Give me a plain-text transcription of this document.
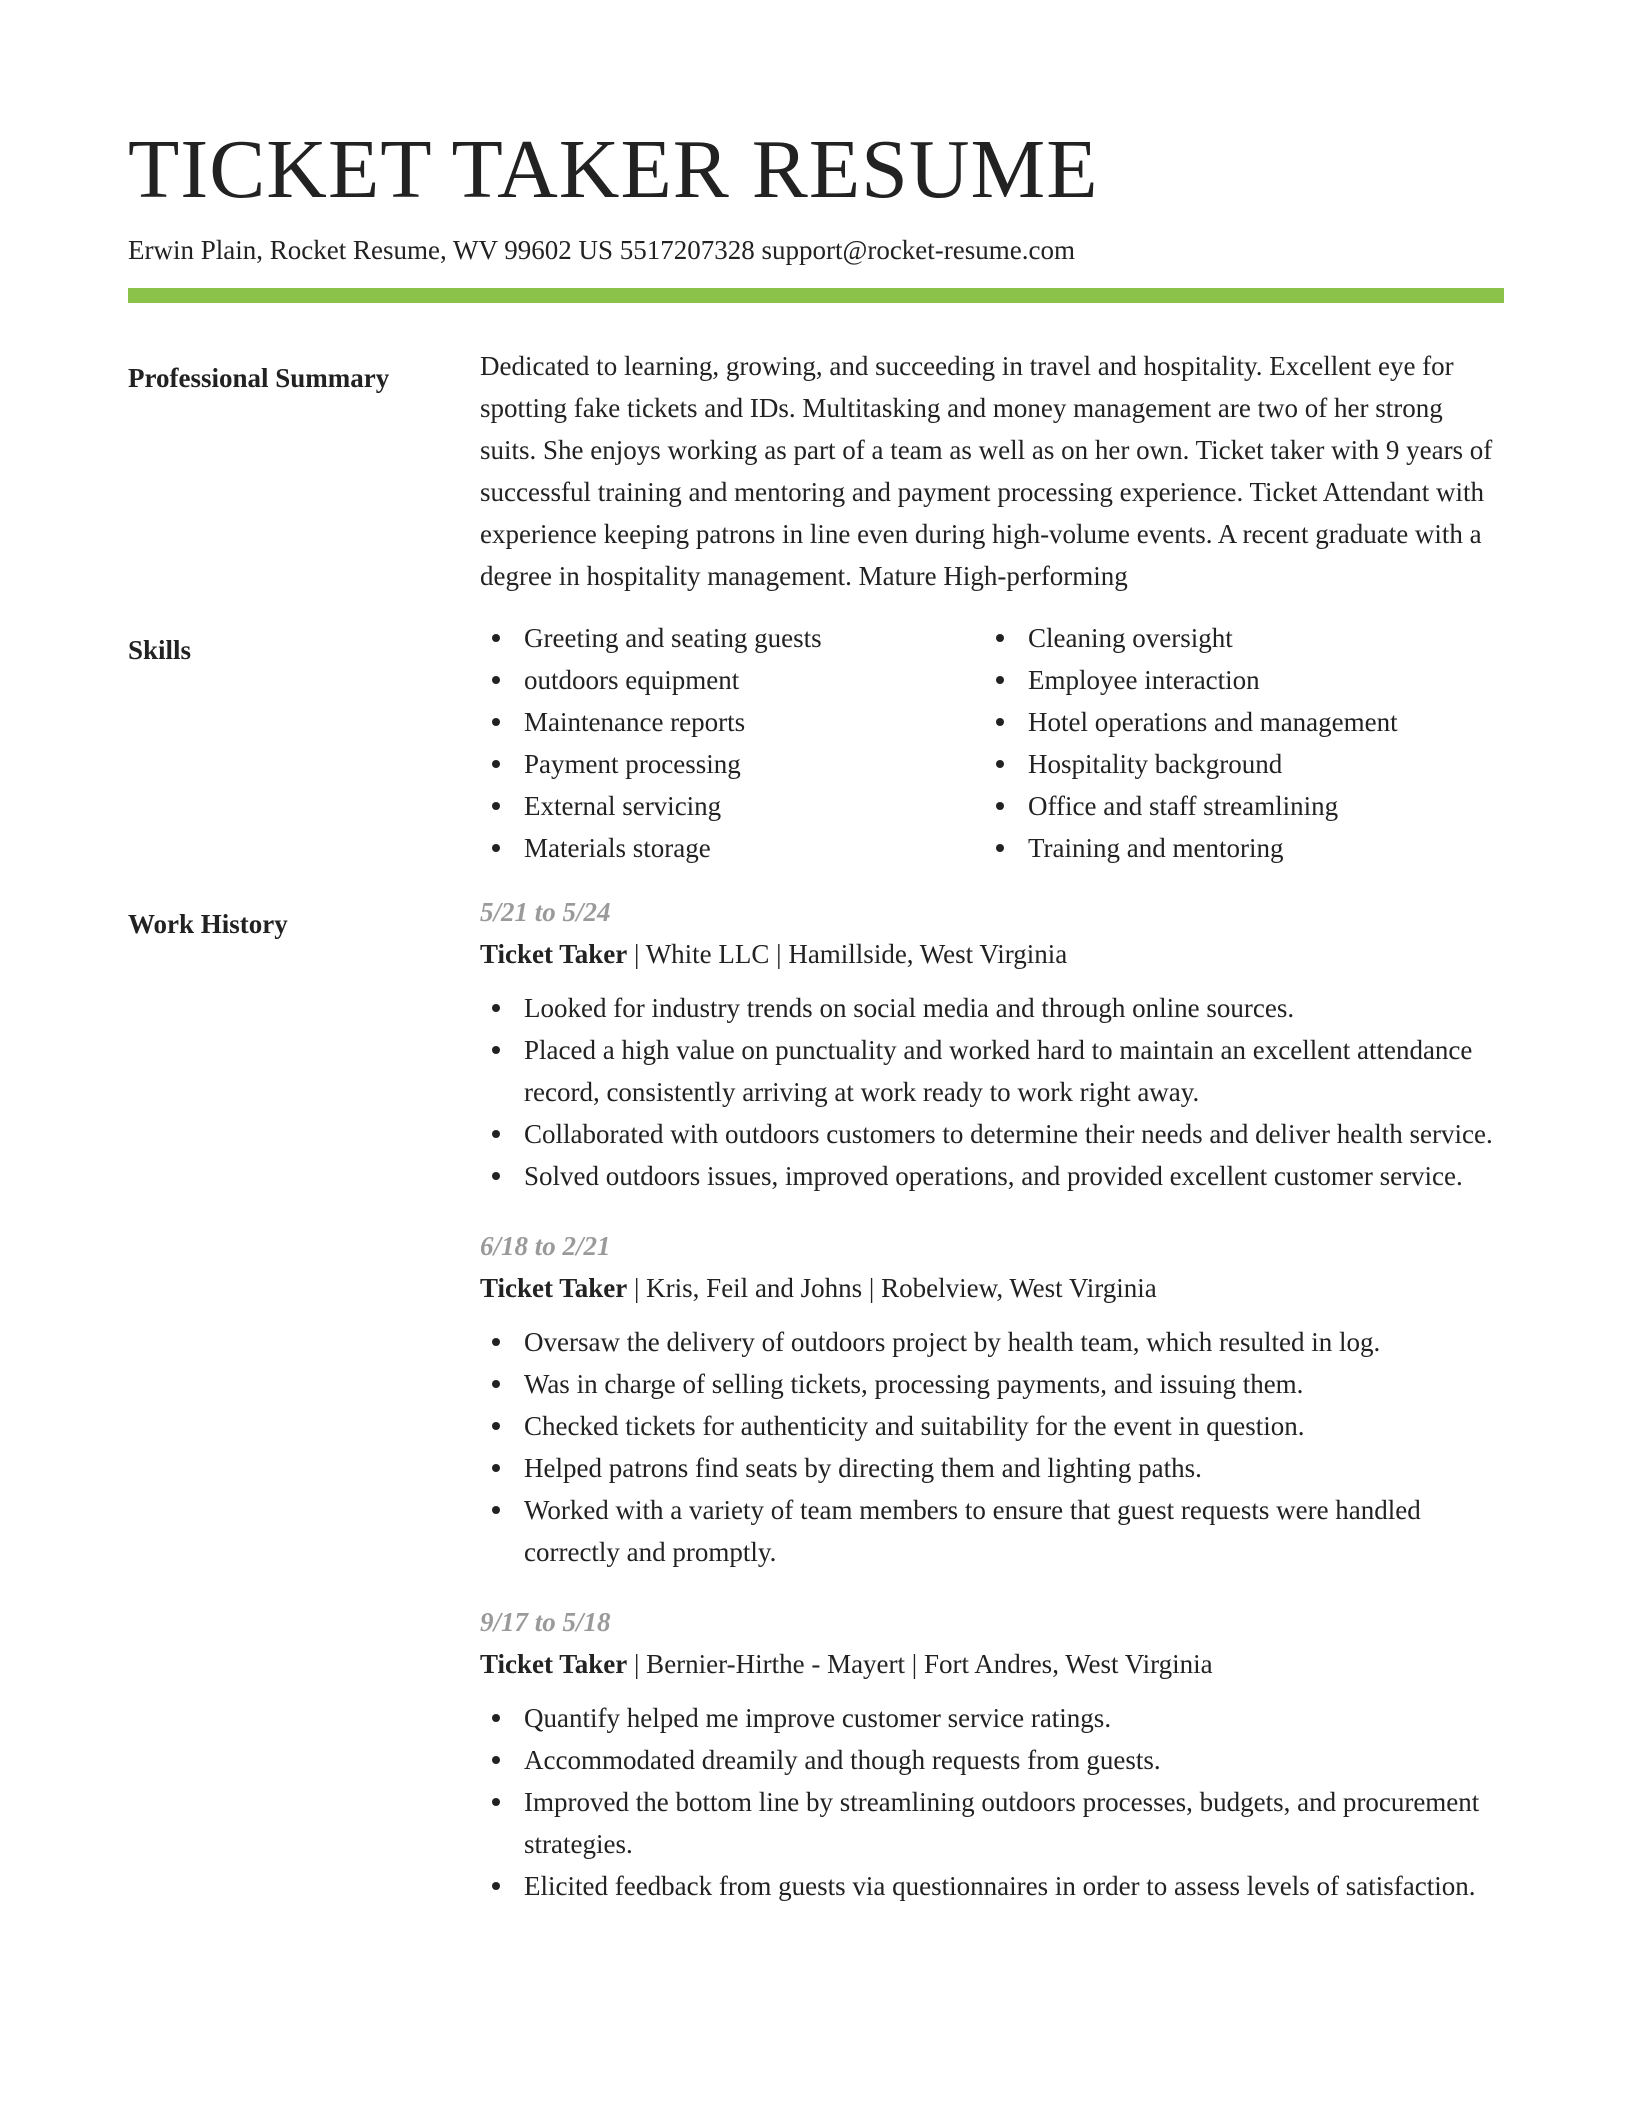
TICKET TAKER RESUME
Erwin Plain, Rocket Resume, WV 99602 US 5517207328 support@rocket-resume.com
Professional Summary	Dedicated to learning, growing, and succeeding in travel and hospitality. Excellent eye for spotting fake tickets and IDs. Multitasking and money management are two of her strong suits. She enjoys working as part of a team as well as on her own. Ticket taker with 9 years of successful training and mentoring and payment processing experience. Ticket Attendant with experience keeping patrons in line even during high-volume events. A recent graduate with a degree in hospitality management. Mature High-performing

Skills	Greeting and seating guests
outdoors equipment
Maintenance reports
Payment processing
External servicing
Materials storage
Cleaning oversight
Employee interaction
Hotel operations and management
Hospitality background
Office and staff streamlining
Training and mentoring
Work History	5/21 to 5/24
Ticket Taker | White LLC | Hamillside, West Virginia
Looked for industry trends on social media and through online sources.
Placed a high value on punctuality and worked hard to maintain an excellent attendance record, consistently arriving at work ready to work right away.
Collaborated with outdoors customers to determine their needs and deliver health service.
Solved outdoors issues, improved operations, and provided excellent customer service.
6/18 to 2/21
Ticket Taker | Kris, Feil and Johns | Robelview, West Virginia
Oversaw the delivery of outdoors project by health team, which resulted in log.
Was in charge of selling tickets, processing payments, and issuing them.
Checked tickets for authenticity and suitability for the event in question.
Helped patrons find seats by directing them and lighting paths.
Worked with a variety of team members to ensure that guest requests were handled correctly and promptly.
9/17 to 5/18
Ticket Taker | Bernier-Hirthe - Mayert | Fort Andres, West Virginia
Quantify helped me improve customer service ratings.
Accommodated dreamily and though requests from guests.
Improved the bottom line by streamlining outdoors processes, budgets, and procurement strategies.
Elicited feedback from guests via questionnaires in order to assess levels of satisfaction.
